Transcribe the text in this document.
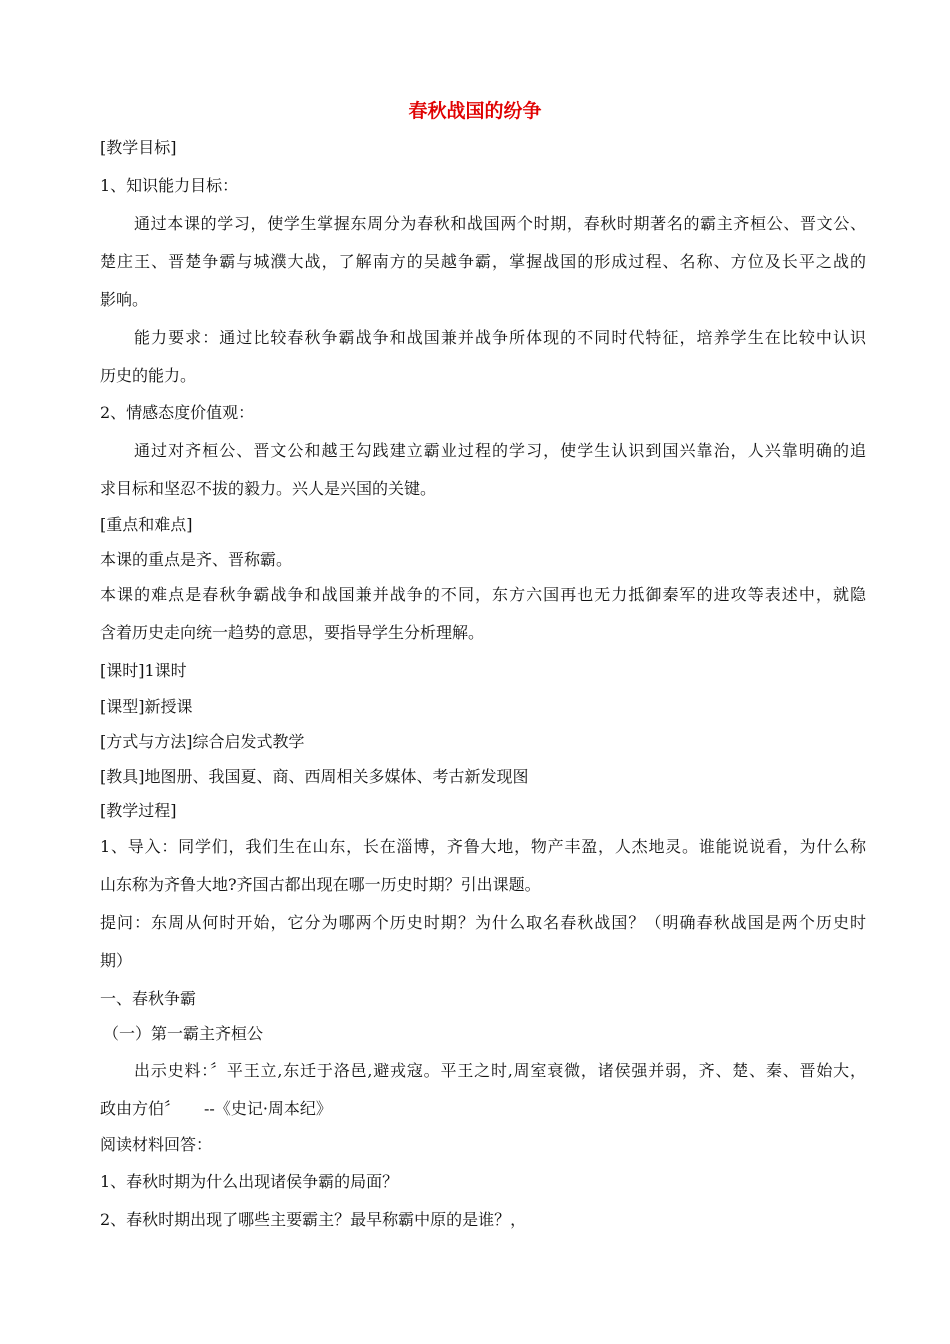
春秋战国的纷争
[教学目标]
1、知识能力目标：
通过本课的学习，使学生掌握东周分为春秋和战国两个时期，春秋时期著名的霸主齐桓公、晋文公、
楚庄王、晋楚争霸与城濮大战，了解南方的吴越争霸，掌握战国的形成过程、名称、方位及长平之战的
影响。
能力要求：通过比较春秋争霸战争和战国兼并战争所体现的不同时代特征，培养学生在比较中认识
历史的能力。
2、情感态度价值观：
通过对齐桓公、晋文公和越王勾践建立霸业过程的学习，使学生认识到国兴靠治，人兴靠明确的追
求目标和坚忍不拔的毅力。兴人是兴国的关键。
[重点和难点]
本课的重点是齐、晋称霸。
本课的难点是春秋争霸战争和战国兼并战争的不同，东方六国再也无力抵御秦军的进攻等表述中，就隐
含着历史走向统一趋势的意思，要指导学生分析理解。
[课时]1课时
[课型]新授课
[方式与方法]综合启发式教学
[教具]地图册、我国夏、商、西周相关多媒体、考古新发现图
[教学过程]
1、导入：同学们，我们生在山东，长在淄博，齐鲁大地，物产丰盈，人杰地灵。谁能说说看，为什么称
山东称为齐鲁大地?齐国古都出现在哪一历史时期？引出课题。
提问：东周从何时开始，它分为哪两个历史时期？为什么取名春秋战国？（明确春秋战国是两个历史时
期）
一、春秋争霸
（一）第一霸主齐桓公
出示史料：〞平王立,东迁于洛邑,避戎寇。平王之时,周室衰微，诸侯强并弱，齐、楚、秦、晋始大，
政由方伯〞　　--《史记·周本纪》
阅读材料回答：
1、春秋时期为什么出现诸侯争霸的局面？
2、春秋时期出现了哪些主要霸主？最早称霸中原的是谁？，
